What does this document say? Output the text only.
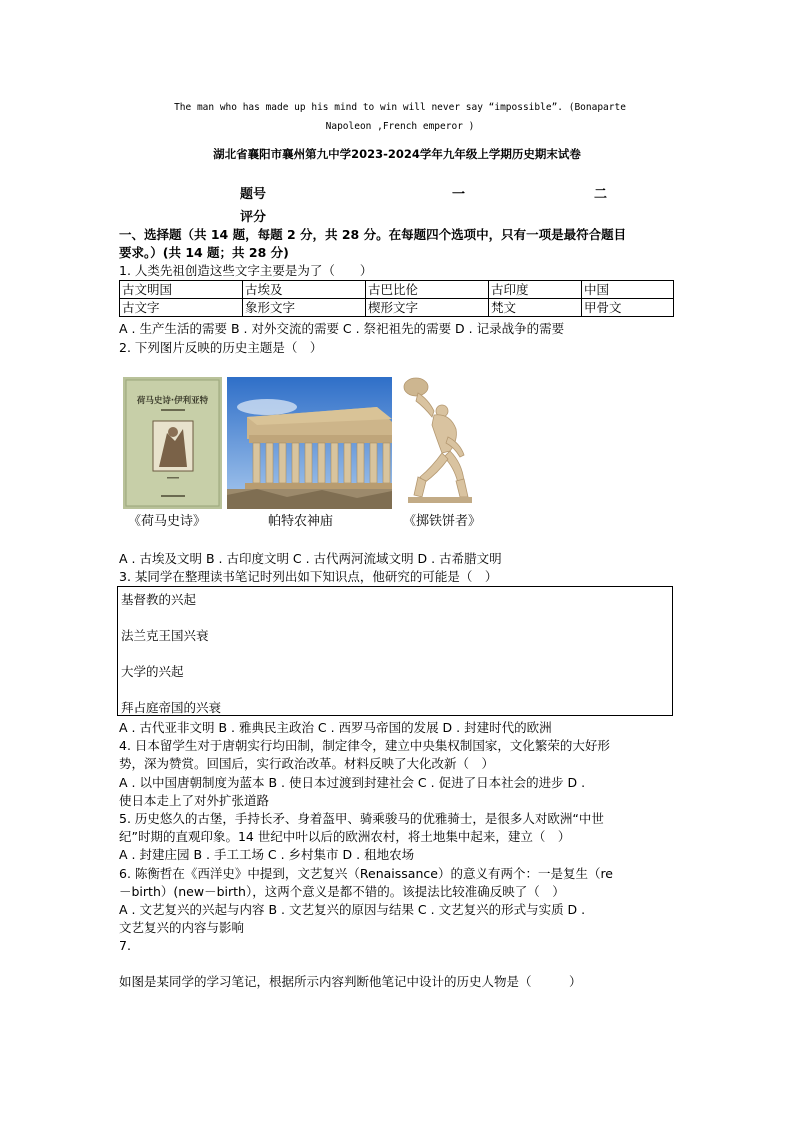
The man who has made up his mind to win will never say “impossible”. (Bonaparte
Napoleon ,French emperor )
湖北省襄阳市襄州第九中学2023-2024学年九年级上学期历史期末试卷
题号	一	二
评分
一、选择题（共 14 题，每题 2 分，共 28 分。在每题四个选项中，只有一项是最符合题目
要求。）(共 14 题；共 28 分)
1. 人类先祖创造这些文字主要是为了（　　）
古文明国	古埃及	古巴比伦	古印度	中国
古文字	象形文字	楔形文字	梵文	甲骨文
A . 生产生活的需要 B . 对外交流的需要 C . 祭祀祖先的需要 D . 记录战争的需要
2. 下列图片反映的历史主题是（　）
荷马史诗·伊利亚特
《荷马史诗》	帕特农神庙	《掷铁饼者》
A . 古埃及文明 B . 古印度文明 C . 古代两河流域文明 D . 古希腊文明
3. 某同学在整理读书笔记时列出如下知识点，他研究的可能是（　）
基督教的兴起
法兰克王国兴衰
大学的兴起
拜占庭帝国的兴衰
A . 古代亚非文明 B . 雅典民主政治 C . 西罗马帝国的发展 D . 封建时代的欧洲
4. 日本留学生对于唐朝实行均田制，制定律令，建立中央集权制国家，文化繁荣的大好形
势，深为赞赏。回国后，实行政治改革。材料反映了大化改新（　）
A . 以中国唐朝制度为蓝本 B . 使日本过渡到封建社会 C . 促进了日本社会的进步 D .
使日本走上了对外扩张道路
5. 历史悠久的古堡，手持长矛、身着盔甲、骑乘骏马的优雅骑士，是很多人对欧洲“中世
纪”时期的直观印象。14 世纪中叶以后的欧洲农村，将土地集中起来，建立（　）
A . 封建庄园 B . 手工工场 C . 乡村集市 D . 租地农场
6. 陈衡哲在《西洋史》中提到，文艺复兴（Renaissance）的意义有两个：一是复生（re
－birth）(new－birth），这两个意义是都不错的。该提法比较准确反映了（　）
A . 文艺复兴的兴起与内容 B . 文艺复兴的原因与结果 C . 文艺复兴的形式与实质 D .
文艺复兴的内容与影响
7.
如图是某同学的学习笔记，根据所示内容判断他笔记中设计的历史人物是（　　　）
